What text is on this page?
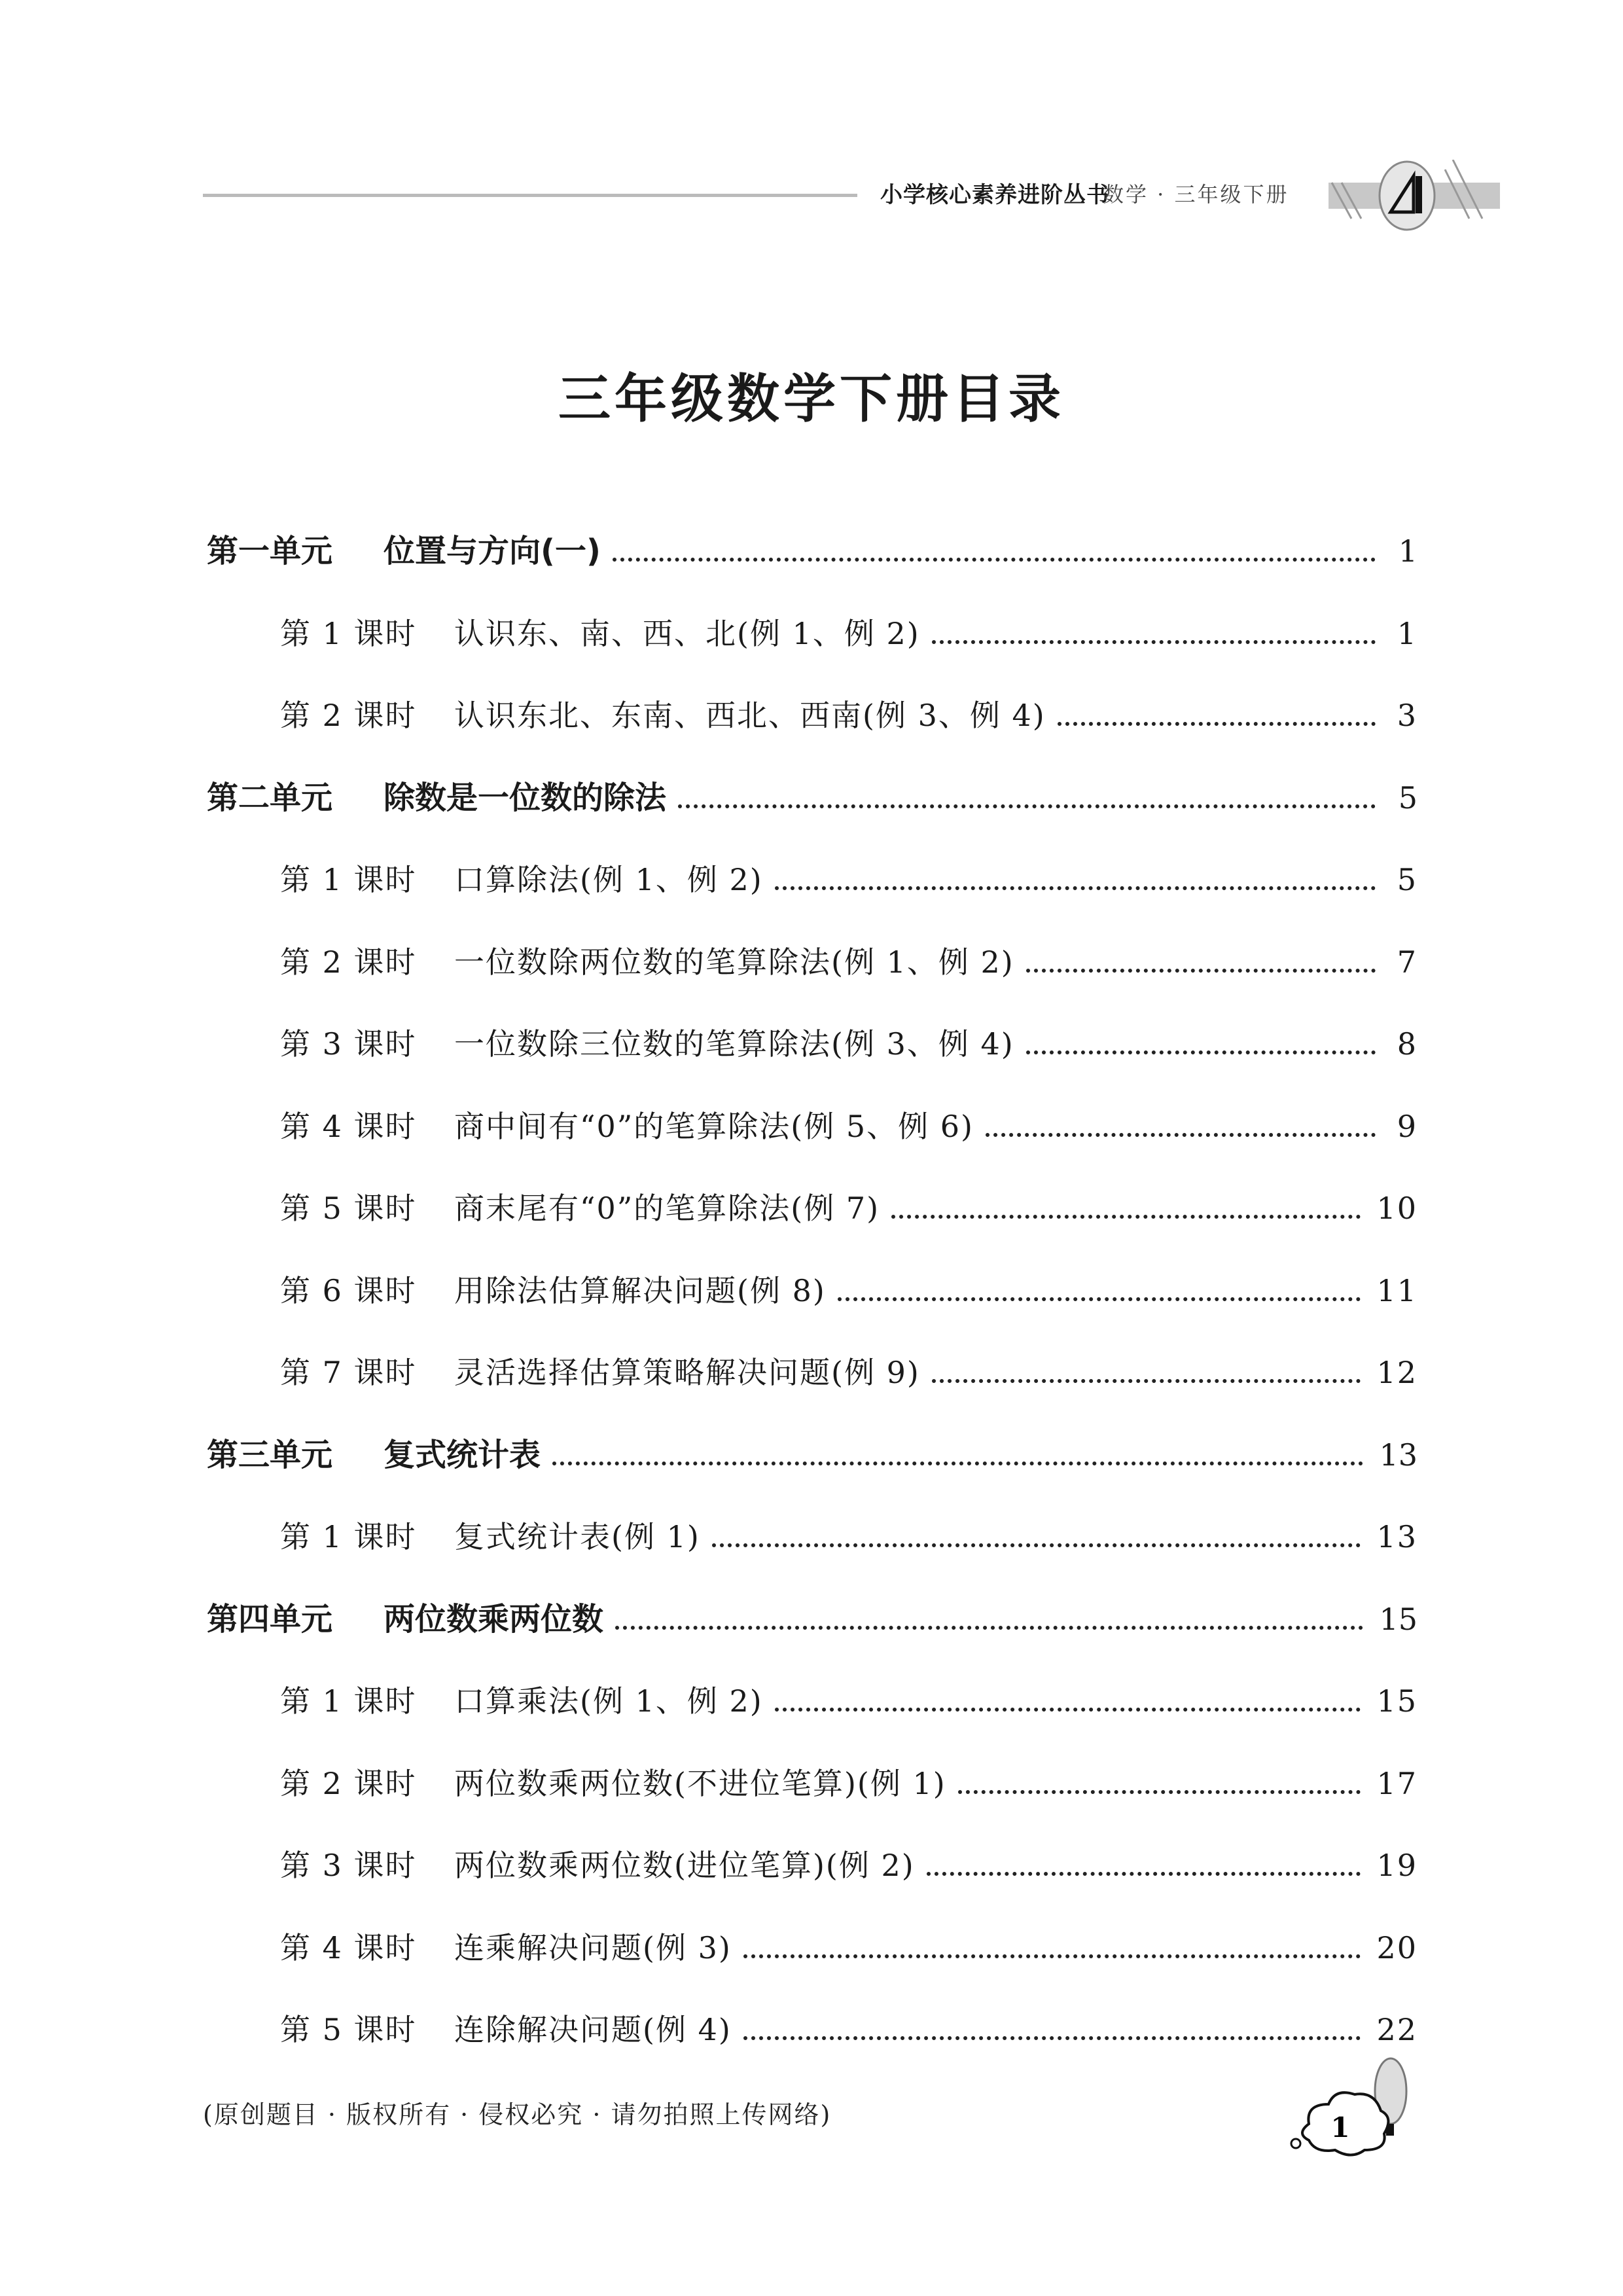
小学核心素养进阶丛书
数学 · 三年级下册
三年级数学下册目录
第一单元	位置与方向(一)	1
第 1 课时	认识东、南、西、北(例 1、例 2)	1
第 2 课时	认识东北、东南、西北、西南(例 3、例 4)	3
第二单元	除数是一位数的除法	5
第 1 课时	口算除法(例 1、例 2)	5
第 2 课时	一位数除两位数的笔算除法(例 1、例 2)	7
第 3 课时	一位数除三位数的笔算除法(例 3、例 4)	8
第 4 课时	商中间有“0”的笔算除法(例 5、例 6)	9
第 5 课时	商末尾有“0”的笔算除法(例 7)	10
第 6 课时	用除法估算解决问题(例 8)	11
第 7 课时	灵活选择估算策略解决问题(例 9)	12
第三单元	复式统计表	13
第 1 课时	复式统计表(例 1)	13
第四单元	两位数乘两位数	15
第 1 课时	口算乘法(例 1、例 2)	15
第 2 课时	两位数乘两位数(不进位笔算)(例 1)	17
第 3 课时	两位数乘两位数(进位笔算)(例 2)	19
第 4 课时	连乘解决问题(例 3)	20
第 5 课时	连除解决问题(例 4)	22
(原创题目 · 版权所有 · 侵权必究 · 请勿拍照上传网络)	1
